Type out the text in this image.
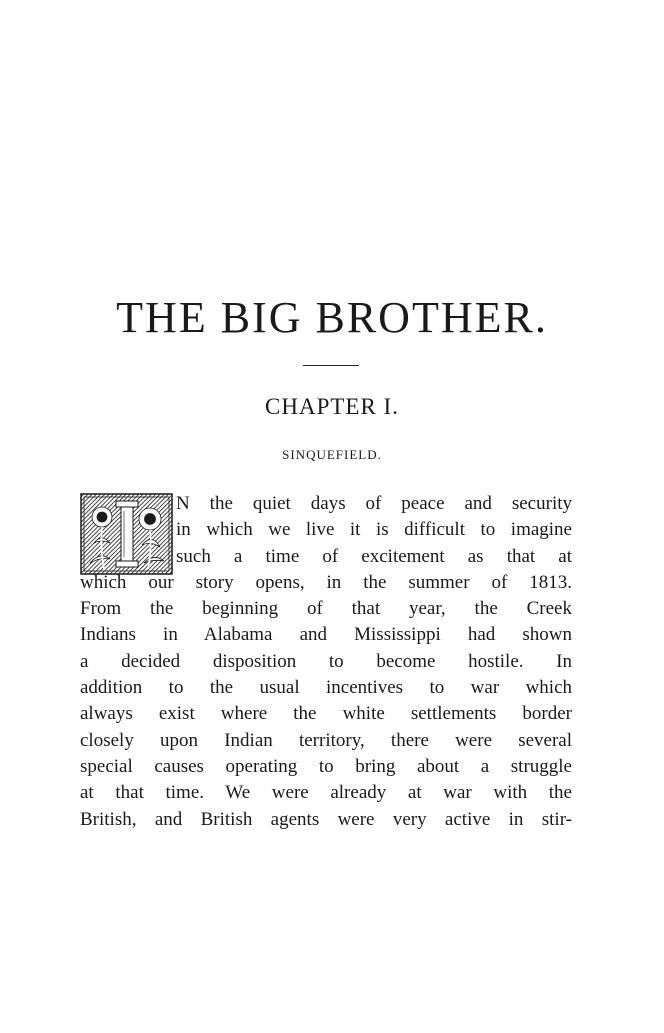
THE BIG BROTHER.
CHAPTER I.
SINQUEFIELD.
N the quiet days of peace and security
in which we live it is difficult to imagine
such a time of excitement as that at
which our story opens, in the summer of 1813.
From the beginning of that year, the Creek
Indians in Alabama and Mississippi had shown
a decided disposition to become hostile. In
addition to the usual incentives to war which
always exist where the white settlements border
closely upon Indian territory, there were several
special causes operating to bring about a struggle
at that time. We were already at war with the
British, and British agents were very active in stir-
